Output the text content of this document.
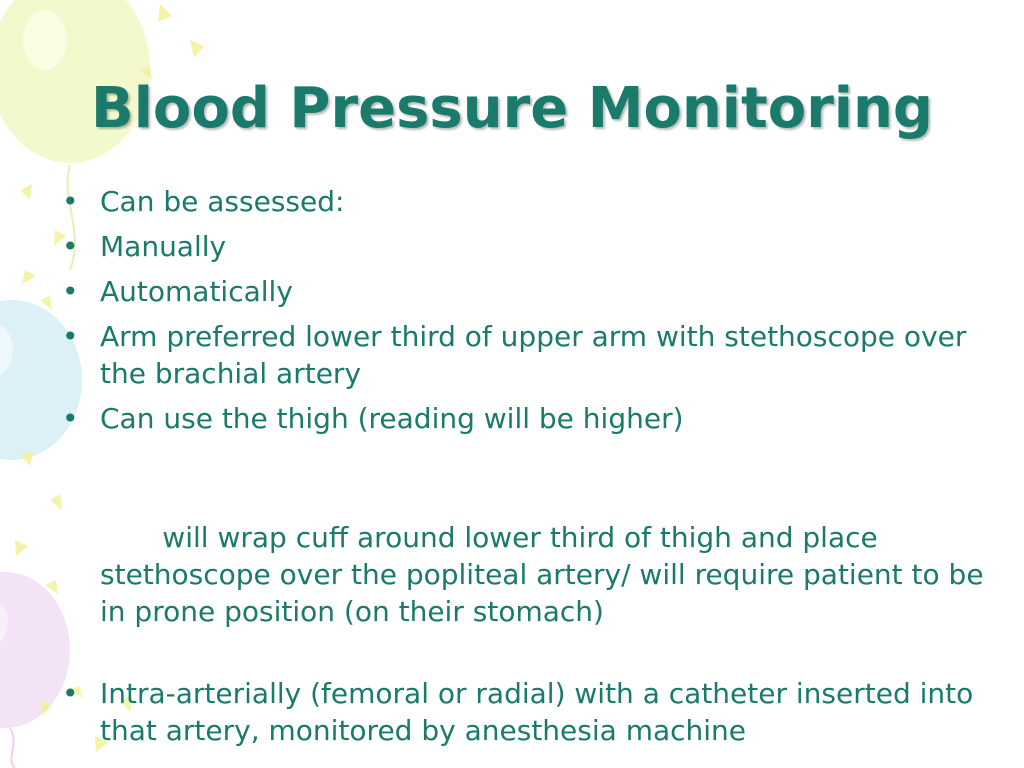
Blood Pressure Monitoring
• Can be assessed:
• Manually
• Automatically
• Arm preferred lower third of upper arm with stethoscope over the brachial artery
• Can use the thigh (reading will be higher)

will wrap cuff around lower third of thigh and place stethoscope over the popliteal artery/ will require patient to be in prone position (on their stomach)

• Intra-arterially (femoral or radial) with a catheter inserted into that artery, monitored by anesthesia machine
